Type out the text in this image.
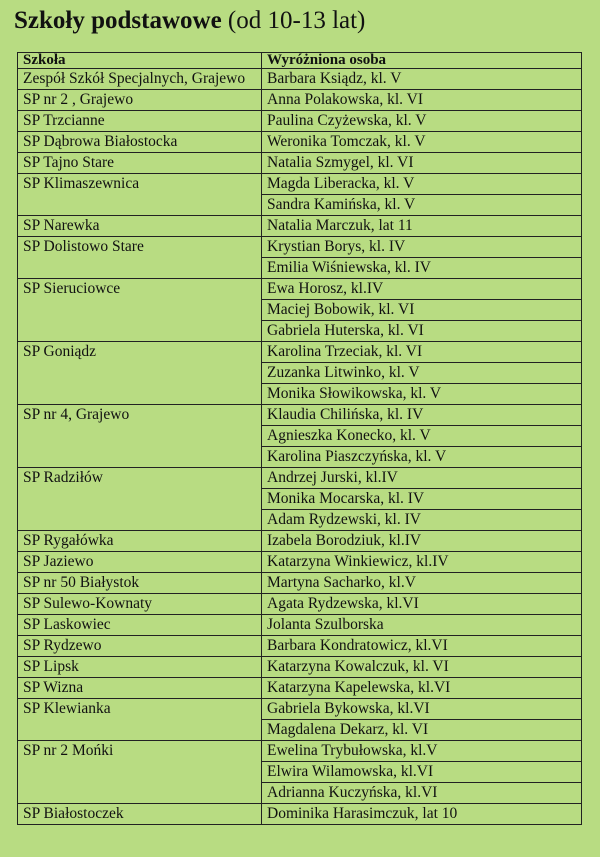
Szkoły podstawowe (od 10-13 lat)
Szkoła	Wyróżniona osoba
Zespół Szkół Specjalnych, Grajewo	Barbara Ksiądz, kl. V
SP nr 2 , Grajewo	Anna Polakowska, kl. VI
SP Trzcianne	Paulina Czyżewska, kl. V
SP Dąbrowa Białostocka	Weronika Tomczak, kl. V
SP Tajno Stare	Natalia Szmygel, kl. VI
SP Klimaszewnica	Magda Liberacka, kl. V
	Sandra Kamińska, kl. V
SP Narewka	Natalia Marczuk, lat 11
SP Dolistowo Stare	Krystian Borys, kl. IV
	Emilia Wiśniewska, kl. IV
SP Sieruciowce	Ewa Horosz, kl.IV
	Maciej Bobowik, kl. VI
	Gabriela Huterska, kl. VI
SP Goniądz	Karolina Trzeciak, kl. VI
	Zuzanka Litwinko, kl. V
	Monika Słowikowska, kl. V
SP nr 4, Grajewo	Klaudia Chilińska, kl. IV
	Agnieszka Konecko, kl. V
	Karolina Piaszczyńska, kl. V
SP Radziłów	Andrzej Jurski, kl.IV
	Monika Mocarska, kl. IV
	Adam Rydzewski, kl. IV
SP Rygałówka	Izabela Borodziuk, kl.IV
SP Jaziewo	Katarzyna Winkiewicz, kl.IV
SP nr 50 Białystok	Martyna Sacharko, kl.V
SP Sulewo-Kownaty	Agata Rydzewska, kl.VI
SP Laskowiec	Jolanta Szulborska
SP Rydzewo	Barbara Kondratowicz, kl.VI
SP Lipsk	Katarzyna Kowalczuk, kl. VI
SP Wizna	Katarzyna Kapelewska, kl.VI
SP Klewianka	Gabriela Bykowska, kl.VI
	Magdalena Dekarz, kl. VI
SP nr 2 Mońki	Ewelina Trybułowska, kl.V
	Elwira Wilamowska, kl.VI
	Adrianna Kuczyńska, kl.VI
SP Białostoczek	Dominika Harasimczuk, lat 10
